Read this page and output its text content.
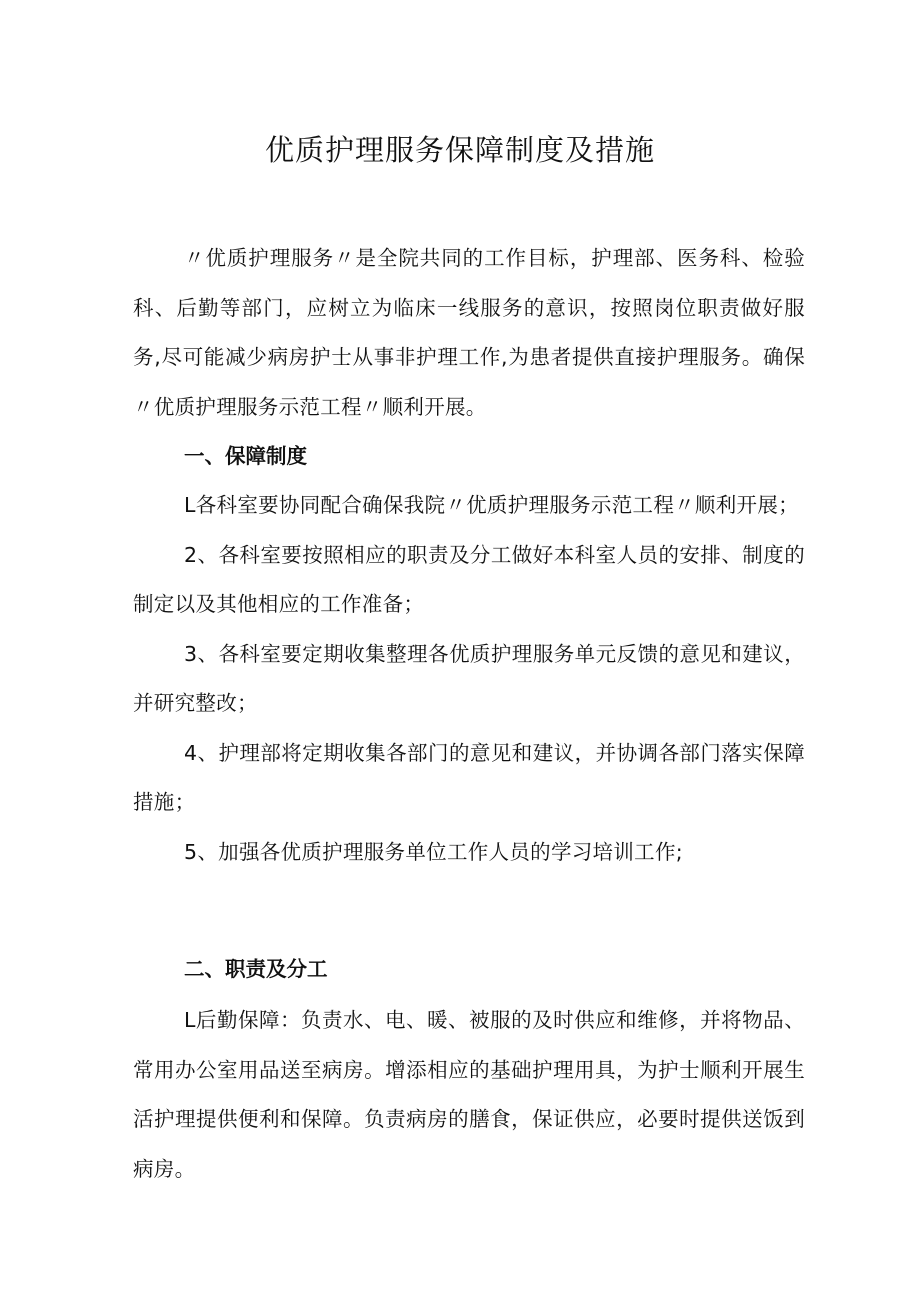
优质护理服务保障制度及措施

〃优质护理服务〃是全院共同的工作目标，护理部、医务科、检验科、后勤等部门，应树立为临床一线服务的意识，按照岗位职责做好服务,尽可能减少病房护士从事非护理工作,为患者提供直接护理服务。确保〃优质护理服务示范工程〃顺利开展。

一、保障制度

L各科室要协同配合确保我院〃优质护理服务示范工程〃顺利开展；

2、各科室要按照相应的职责及分工做好本科室人员的安排、制度的制定以及其他相应的工作准备；

3、各科室要定期收集整理各优质护理服务单元反馈的意见和建议，并研究整改；

4、护理部将定期收集各部门的意见和建议，并协调各部门落实保障措施；

5、加强各优质护理服务单位工作人员的学习培训工作;

二、职责及分工

L后勤保障：负责水、电、暖、被服的及时供应和维修，并将物品、常用办公室用品送至病房。增添相应的基础护理用具，为护士顺利开展生活护理提供便利和保障。负责病房的膳食，保证供应，必要时提供送饭到病房。
